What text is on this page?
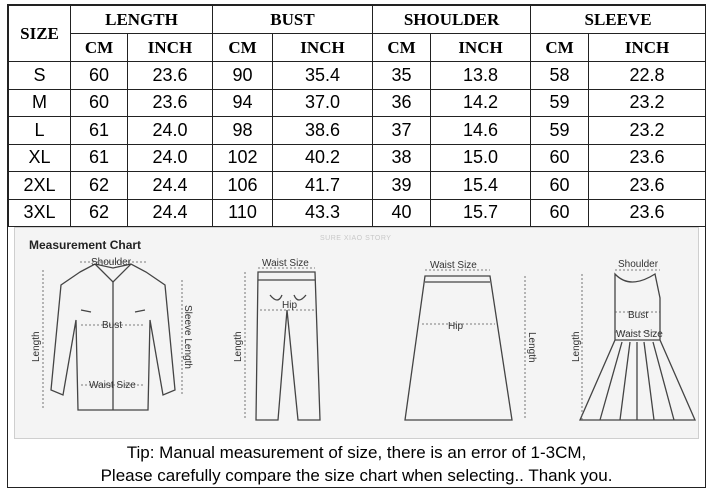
SIZE	LENGTH		BUST		SHOULDER		SLEEVE	
	CM	INCH	CM	INCH	CM	INCH	CM	INCH
S	60	23.6	90	35.4	35	13.8	58	22.8
M	60	23.6	94	37.0	36	14.2	59	23.2
L	61	24.0	98	38.6	37	14.6	59	23.2
XL	61	24.0	102	40.2	38	15.0	60	23.6
2XL	62	24.4	106	41.7	39	15.4	60	23.6
3XL	62	24.4	110	43.3	40	15.7	60	23.6
Measurement Chart	SURE XIAO STORY
Shoulder
Bust
Waist Size
Length	Sleeve Length
Waist Size
Hip
Length
Waist Size
Hip
Length
Shoulder
Bust
Waist Size
Length
Tip: Manual measurement of size, there is an error of 1-3CM,
Please carefully compare the size chart when selecting.. Thank you.
